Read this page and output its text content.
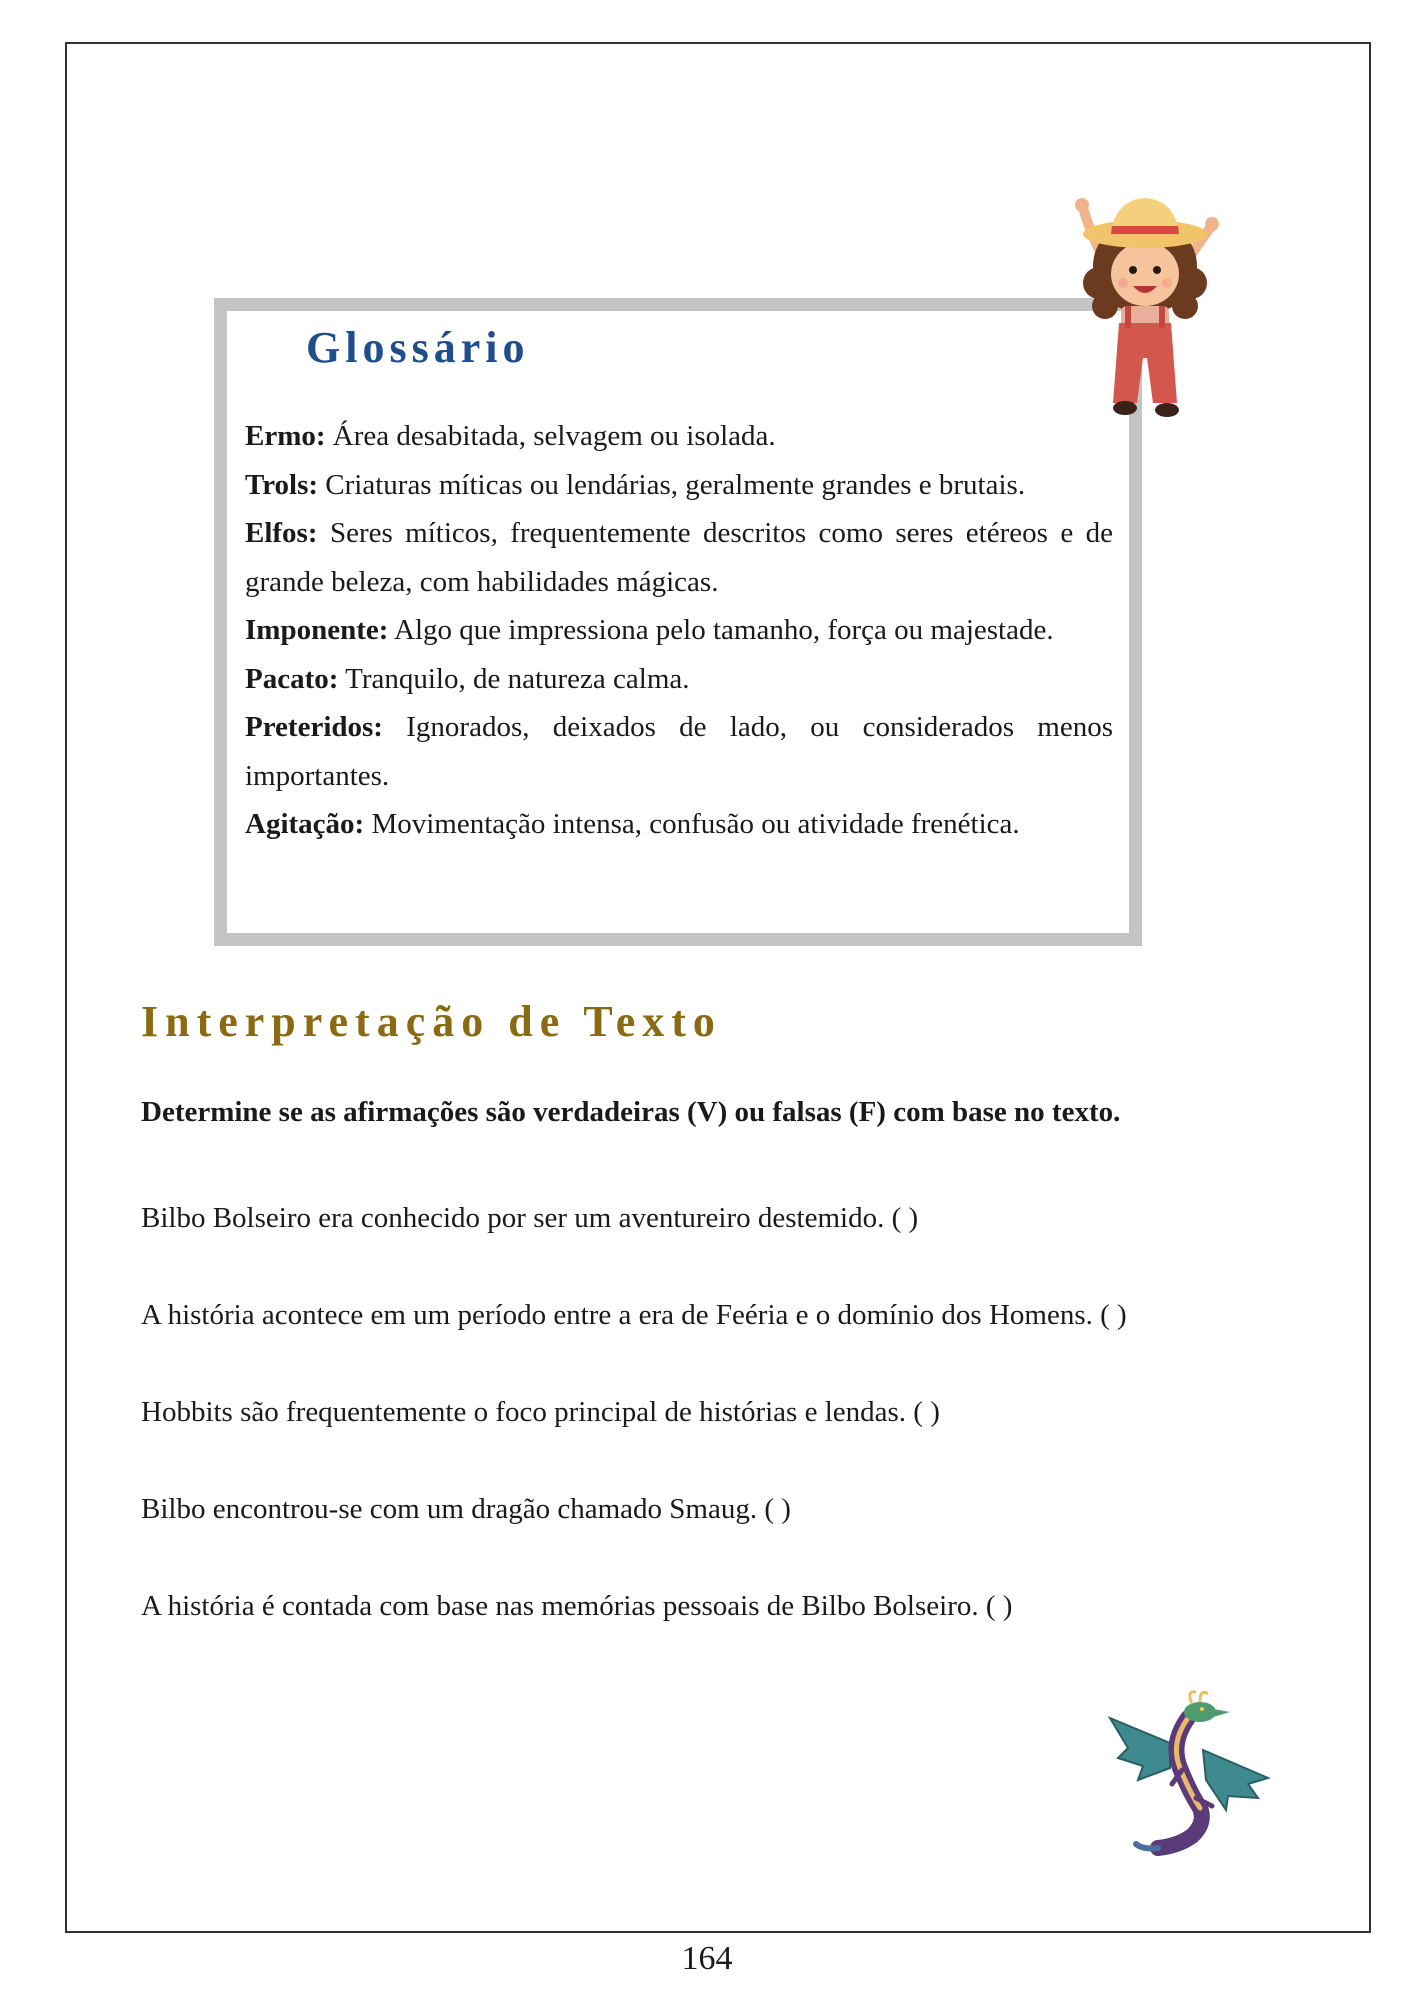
Glossário

Ermo: Área desabitada, selvagem ou isolada.

Trols: Criaturas míticas ou lendárias, geralmente grandes e brutais.

Elfos: Seres míticos, frequentemente descritos como seres etéreos e de grande beleza, com habilidades mágicas.

Imponente: Algo que impressiona pelo tamanho, força ou majestade.

Pacato: Tranquilo, de natureza calma.

Preteridos: Ignorados, deixados de lado, ou considerados menos importantes.

Agitação: Movimentação intensa, confusão ou atividade frenética.

Interpretação de Texto
Determine se as afirmações são verdadeiras (V) ou falsas (F) com base no texto.
Bilbo Bolseiro era conhecido por ser um aventureiro destemido. ( )
A história acontece em um período entre a era de Feéria e o domínio dos Homens. ( )
Hobbits são frequentemente o foco principal de histórias e lendas. ( )
Bilbo encontrou-se com um dragão chamado Smaug. ( )
A história é contada com base nas memórias pessoais de Bilbo Bolseiro. ( )
164
